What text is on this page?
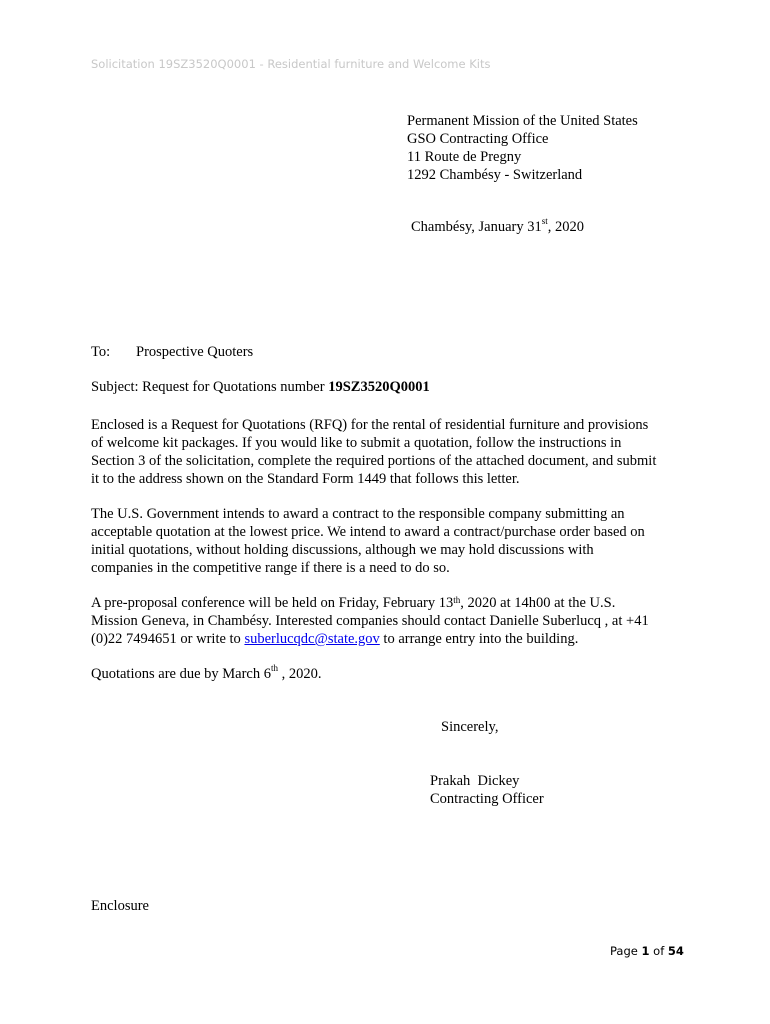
Solicitation 19SZ3520Q0001 - Residential furniture and Welcome Kits
Permanent Mission of the United States
GSO Contracting Office
11 Route de Pregny
1292 Chambésy - Switzerland
Chambésy, January 31st, 2020
To: Prospective Quoters
Subject: Request for Quotations number 19SZ3520Q0001
Enclosed is a Request for Quotations (RFQ) for the rental of residential furniture and provisions
of welcome kit packages. If you would like to submit a quotation, follow the instructions in
Section 3 of the solicitation, complete the required portions of the attached document, and submit
it to the address shown on the Standard Form 1449 that follows this letter.
The U.S. Government intends to award a contract to the responsible company submitting an
acceptable quotation at the lowest price. We intend to award a contract/purchase order based on
initial quotations, without holding discussions, although we may hold discussions with
companies in the competitive range if there is a need to do so.
A pre-proposal conference will be held on Friday, February 13th, 2020 at 14h00 at the U.S.
Mission Geneva, in Chambésy. Interested companies should contact Danielle Suberlucq , at +41
(0)22 7494651 or write to suberlucqdc@state.gov to arrange entry into the building.
Quotations are due by March 6th , 2020.
Sincerely,
Prakah  Dickey
Contracting Officer
Enclosure
Page 1 of 54
